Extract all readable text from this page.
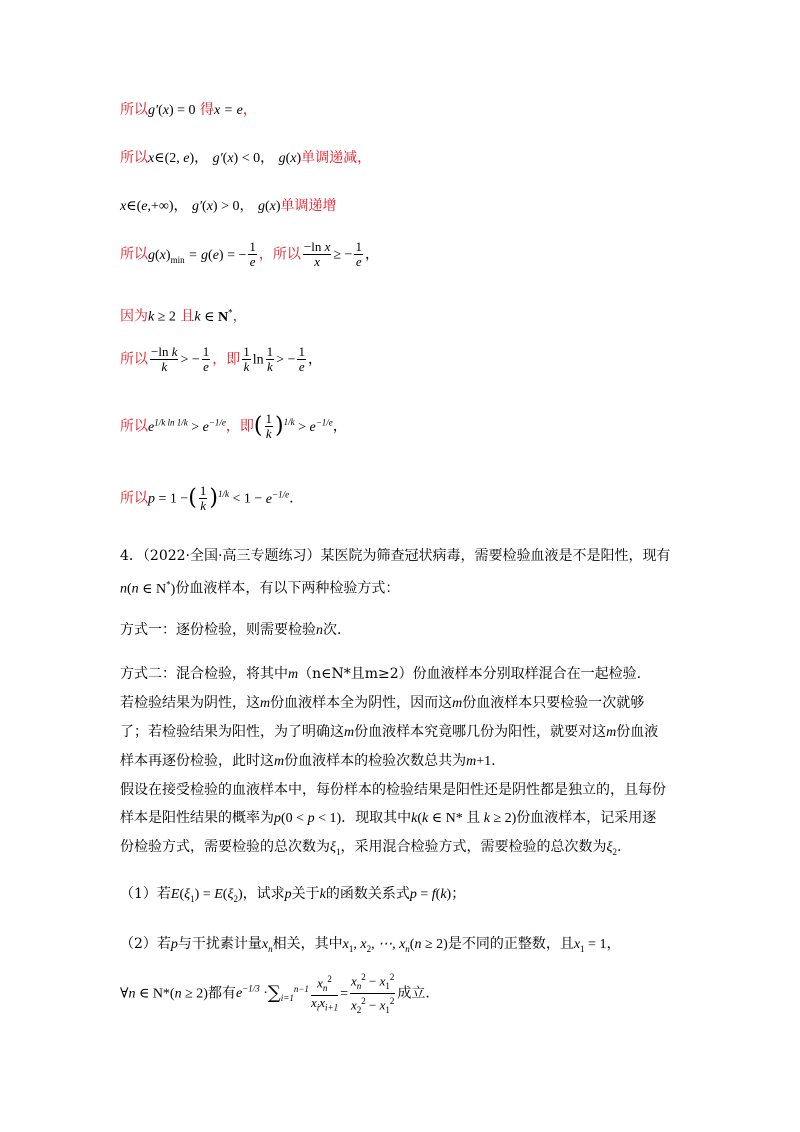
所以g′(x) = 0 得x = e，
所以x∈(2, e)， g′(x) < 0， g(x)单调递减，
x∈(e,+∞)， g′(x) > 0， g(x)单调递增
所以$g(x)_{min} = g(e)$ = − $\frac{1}{e}$ ，所以 $\frac{\text{−ln x}}{x}$ ≥ − $\frac{1}{e}$ ，
因为k ≥ 2 且k ∈ N*，
所以 $\frac{\text{−ln k}}{k}$ > − $\frac{1}{e}$ ，即 $\frac{1}{k}$ $\ln \frac{1}{k}$ > − $\frac{1}{e}$ ，
所以$e^{1/k ln 1/k} > e^{-1/e}$，即( $\frac{1}{k} )^{1/k} > e^{-1/e}$，
所以p = 1 −( $\frac{1}{k} )^{1/k} < 1 - e^{-1/e}$.
4．（2022·全国·高三专题练习）某医院为筛查冠状病毒，需要检验血液是不是阳性，现有
n(n ∈ N*)份血液样本，有以下两种检验方式：
方式一：逐份检验，则需要检验n次.
方式二：混合检验，将其中m（n∈N*且m≥2）份血液样本分别取样混合在一起检验.
若检验结果为阴性，这m份血液样本全为阴性，因而这m份血液样本只要检验一次就够
了；若检验结果为阳性，为了明确这m份血液样本究竟哪几份为阳性，就要对这m份血液
样本再逐份检验，此时这m份血液样本的检验次数总共为m+1.
假设在接受检验的血液样本中，每份样本的检验结果是阳性还是阴性都是独立的，且每份
样本是阳性结果的概率为p(0 < p < 1)．现取其中k(k ∈ N* 且 k ≥ 2)份血液样本，记采用逐
份检验方式，需要检验的总次数为$\xi_1$，采用混合检验方式，需要检验的总次数为$\xi_2$.
（1）若$E(\xi_1) = E(\xi_2)$，试求p关于k的函数关系式p = f(k)；
（2）若p与干扰素计量$x_n$相关，其中$x_1$, $x_2$, ⋯, $x_n(n \ge 2)$是不同的正整数，且$x_1 = 1$，
∀n ∈ N*(n ≥ 2)都有$e^{-1/3} \cdot\sum_{i=1}^{n-1} \frac{x_n^2}{x_ix_{i+1}} = \frac{x_n^2 - x_1^2}{x_2^2 - x_1^2}$ 成立.
